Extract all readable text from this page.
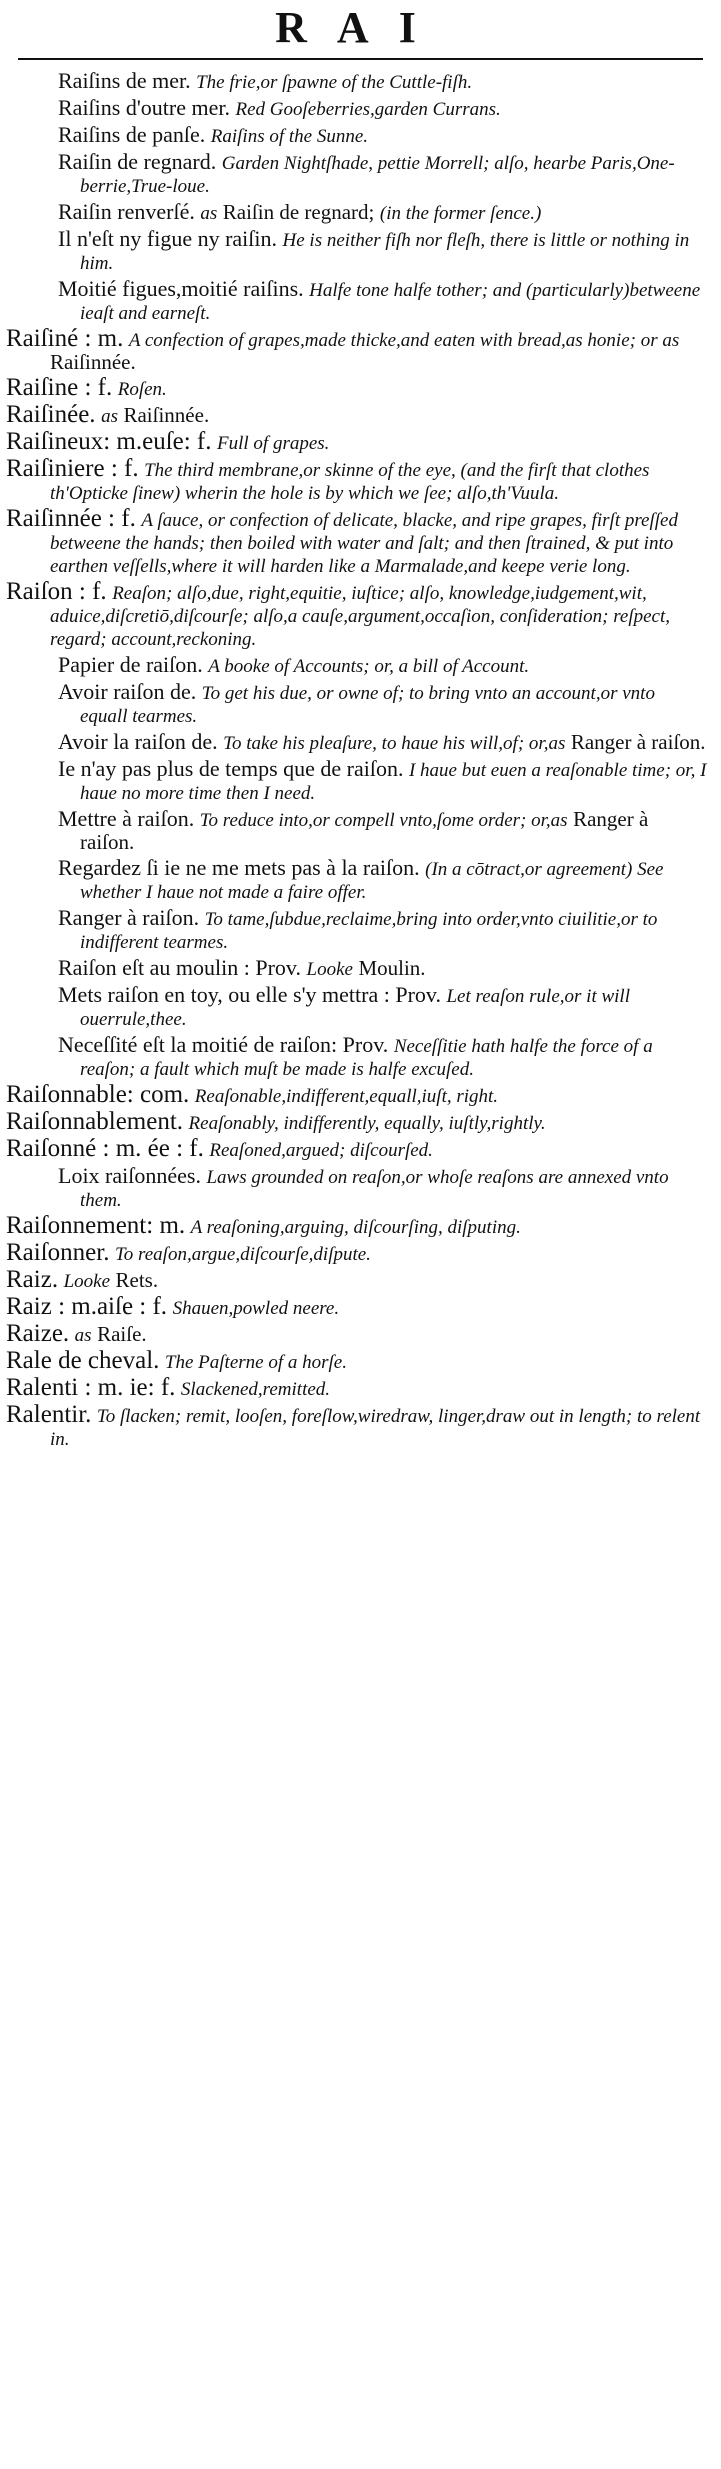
RAI
Raiſins de mer. The frie,or ſpawne of the Cuttle-fiſh.
Raiſins d'outre mer. Red Gooſeberries,garden Currans.
Raiſins de panſe. Raiſins of the Sunne.
Raiſin de regnard. Garden Nightſhade, pettie Morrell; alſo, hearbe Paris,One-berrie,True-loue.
Raiſin renverſé. as Raiſin de regnard; (in the former ſence.)
Il n'eſt ny figue ny raiſin. He is neither fiſh nor fleſh, there is little or nothing in him.
Moitié figues,moitié raiſins. Halfe tone halfe tother; and (particularly)betweene ieaſt and earneſt.
Raiſiné : m. A confection of grapes,made thicke,and eaten with bread,as honie; or as Raiſinnée.
Raiſine : f. Roſen.
Raiſinée. as Raiſinnée.
Raiſineux: m.euſe: f. Full of grapes.
Raiſiniere : f. The third membrane,or skinne of the eye, (and the firſt that clothes th'Opticke ſinew) wherin the hole is by which we ſee; alſo,th'Vuula.
Raiſinnée : f. A ſauce, or confection of delicate, blacke, and ripe grapes, firſt preſſed betweene the hands; then boiled with water and ſalt; and then ſtrained, & put into earthen veſſells,where it will harden like a Marmalade,and keepe verie long.
Raiſon : f. Reaſon; alſo,due, right,equitie, iuſtice; alſo, knowledge,iudgement,wit, aduice,diſcretiō,diſcourſe; alſo,a cauſe,argument,occaſion, conſideration; reſpect, regard; account,reckoning.
Papier de raiſon. A booke of Accounts; or, a bill of Account.
Avoir raiſon de. To get his due, or owne of; to bring vnto an account,or vnto equall tearmes.
Avoir la raiſon de. To take his pleaſure, to haue his will,of; or,as Ranger à raiſon.
Ie n'ay pas plus de temps que de raiſon. I haue but euen a reaſonable time; or, I haue no more time then I need.
Mettre à raiſon. To reduce into,or compell vnto,ſome order; or,as Ranger à raiſon.
Regardez ſi ie ne me mets pas à la raiſon. (In a cōtract,or agreement) See whether I haue not made a faire offer.
Ranger à raiſon. To tame,ſubdue,reclaime,bring into order,vnto ciuilitie,or to indifferent tearmes.
Raiſon eſt au moulin : Prov. Looke Moulin.
Mets raiſon en toy, ou elle s'y mettra : Prov. Let reaſon rule,or it will ouerrule,thee.
Neceſſité eſt la moitié de raiſon: Prov. Neceſſitie hath halfe the force of a reaſon; a fault which muſt be made is halfe excuſed.
Raiſonnable: com. Reaſonable,indifferent,equall,iuſt, right.
Raiſonnablement. Reaſonably, indifferently, equally, iuſtly,rightly.
Raiſonné : m. ée : f. Reaſoned,argued; diſcourſed.
Loix raiſonnées. Laws grounded on reaſon,or whoſe reaſons are annexed vnto them.
Raiſonnement: m. A reaſoning,arguing, diſcourſing, diſputing.
Raiſonner. To reaſon,argue,diſcourſe,diſpute.
Raiz. Looke Rets.
Raiz : m.aiſe : f. Shauen,powled neere.
Raize. as Raiſe.
Rale de cheval. The Paſterne of a horſe.
Ralenti : m. ie: f. Slackened,remitted.
Ralentir. To ſlacken; remit, looſen, foreſlow,wiredraw, linger,draw out in length; to relent in.
